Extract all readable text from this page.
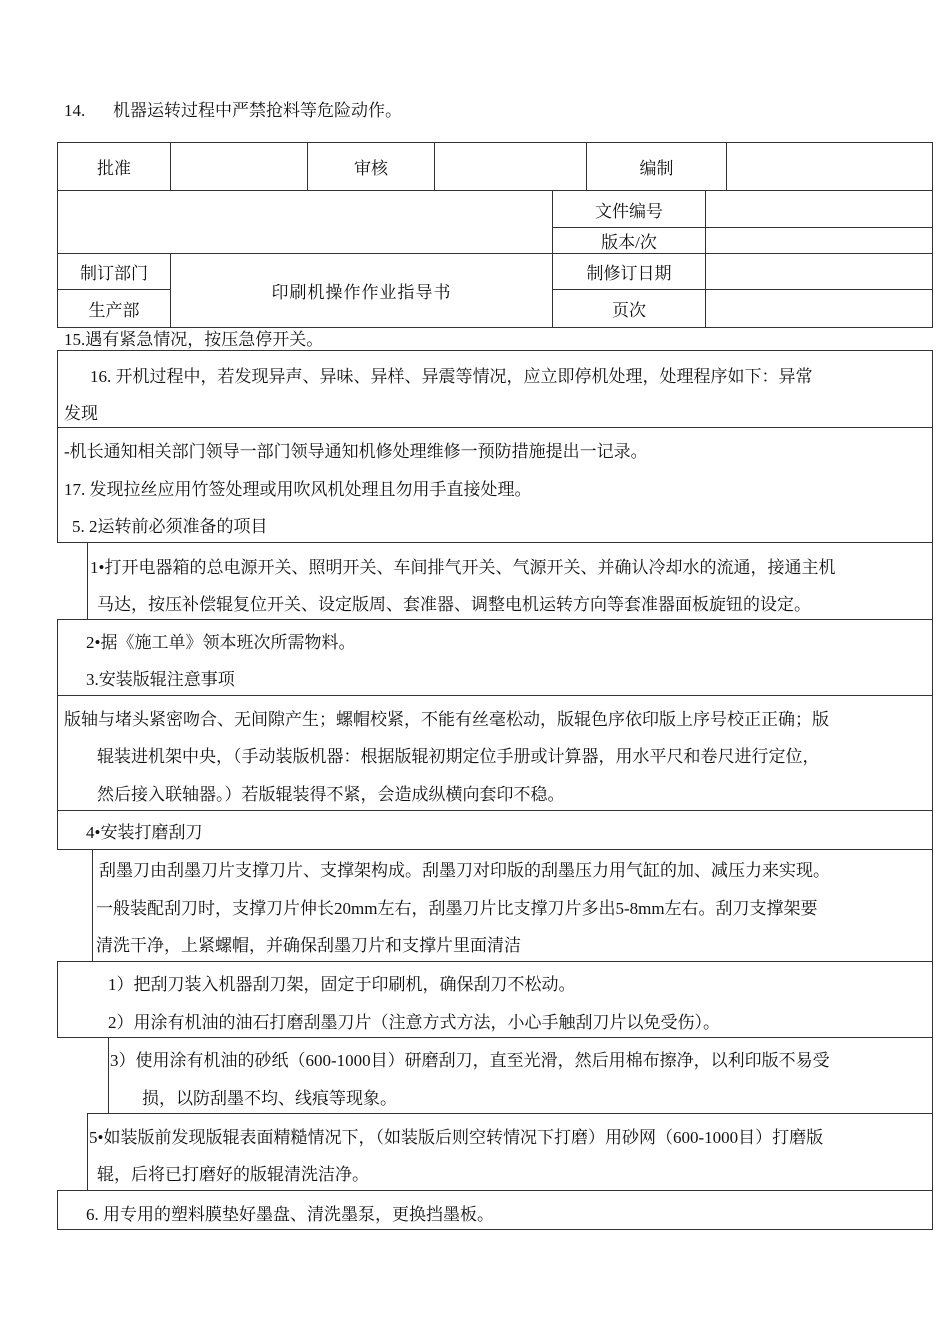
14. 机器运转过程中严禁抢料等危险动作。
批准		审核		编制	
		文件编号	
		版本/次	
制订部门	印刷机操作作业指导书	制修订日期	
生产部		页次	
15.遇有紧急情况，按压急停开关。
16. 开机过程中，若发现异声、异味、异样、异震等情况，应立即停机处理，处理程序如下：异常
发现
-机长通知相关部门领导一部门领导通知机修处理维修一预防措施提出一记录。
17. 发现拉丝应用竹签处理或用吹风机处理且勿用手直接处理。
5. 2运转前必须准备的项目
1•打开电器箱的总电源开关、照明开关、车间排气开关、气源开关、并确认冷却水的流通，接通主机
马达，按压补偿辊复位开关、设定版周、套准器、调整电机运转方向等套准器面板旋钮的设定。
2•据《施工单》领本班次所需物料。
3.安装版辊注意事项
版轴与堵头紧密吻合、无间隙产生；螺帽校紧，不能有丝毫松动，版辊色序依印版上序号校正正确；版
辊装进机架中央，（手动装版机器：根据版辊初期定位手册或计算器，用水平尺和卷尺进行定位，
然后接入联轴器。）若版辊装得不紧，会造成纵横向套印不稳。
4•安装打磨刮刀
刮墨刀由刮墨刀片支撑刀片、支撑架构成。刮墨刀对印版的刮墨压力用气缸的加、减压力来实现。
一般装配刮刀时，支撑刀片伸长20mm左右，刮墨刀片比支撑刀片多出5-8mm左右。刮刀支撑架要
清洗干净，上紧螺帽，并确保刮墨刀片和支撑片里面清洁
1）把刮刀装入机器刮刀架，固定于印刷机，确保刮刀不松动。
2）用涂有机油的油石打磨刮墨刀片（注意方式方法，小心手触刮刀片以免受伤）。
3）使用涂有机油的砂纸（600-1000目）研磨刮刀，直至光滑，然后用棉布擦净，以利印版不易受
损，以防刮墨不均、线痕等现象。
5•如装版前发现版辊表面精糙情况下，（如装版后则空转情况下打磨）用砂网（600-1000目）打磨版
辊，后将已打磨好的版辊清洗洁净。
6. 用专用的塑料膜垫好墨盘、清洗墨泵，更换挡墨板。
